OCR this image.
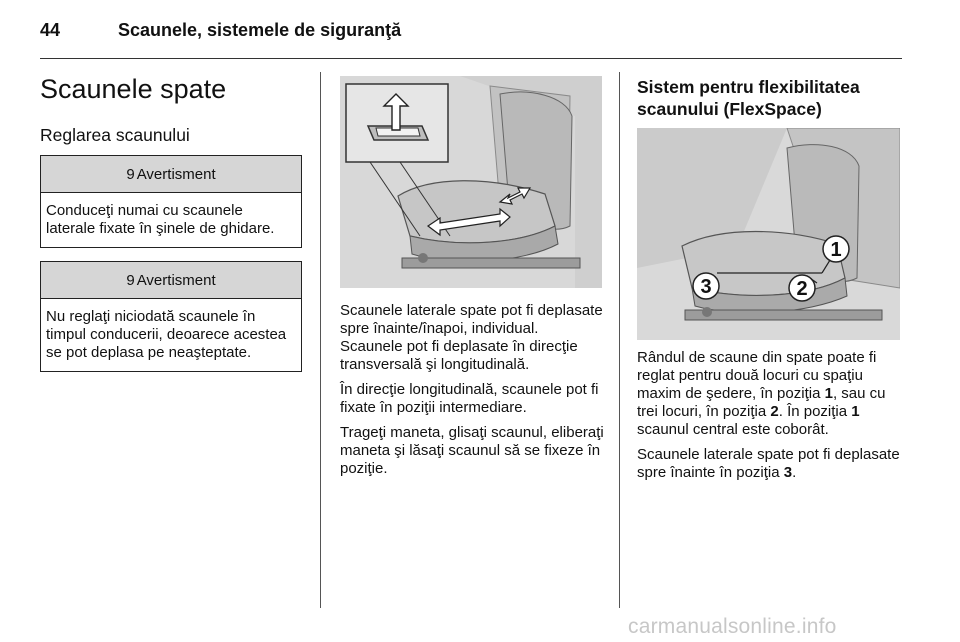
44	Scaunele, sistemele de siguranţă
Scaunele spate
Reglarea scaunului
9 Avertisment
Conduceţi numai cu scaunele laterale fixate în şinele de ghidare.
9 Avertisment
Nu reglaţi niciodată scaunele în timpul conducerii, deoarece acestea se pot deplasa pe neaşteptate.

Scaunele laterale spate pot fi deplasate spre înainte/înapoi, individual. Scaunele pot fi deplasate în direcţie transversală şi longitudinală.

În direcţie longitudinală, scaunele pot fi fixate în poziţii intermediare.

Trageţi maneta, glisaţi scaunul, eliberaţi maneta şi lăsaţi scaunul să se fixeze în poziţie.

Sistem pentru flexibilitatea scaunului (FlexSpace)
1
2
3

Rândul de scaune din spate poate fi reglat pentru două locuri cu spaţiu maxim de şedere, în poziţia 1, sau cu trei locuri, în poziţia 2. În poziţia 1 scaunul central este coborât.

Scaunele laterale spate pot fi deplasate spre înainte în poziţia 3.

carmanualsonline.info
